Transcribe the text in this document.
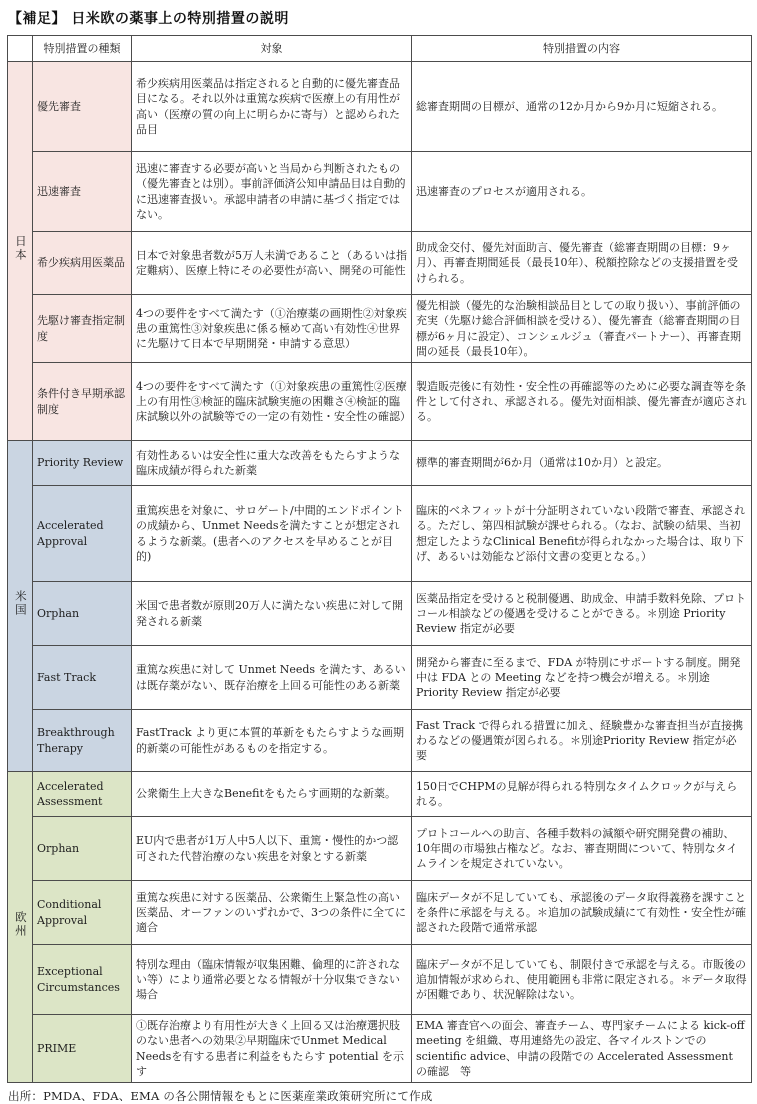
【補足】 日米欧の薬事上の特別措置の説明
	特別措置の種類	対象	特別措置の内容
日本	優先審査	希少疾病用医薬品は指定されると自動的に優先審査品目になる。それ以外は重篤な疾病で医療上の有用性が高い（医療の質の向上に明らかに寄与）と認められた品目	総審査期間の目標が、通常の12か月から9か月に短縮される。
	迅速審査	迅速に審査する必要が高いと当局から判断されたもの（優先審査とは別）。事前評価済公知申請品目は自動的に迅速審査扱い。承認申請者の申請に基づく指定ではない。	迅速審査のプロセスが適用される。
	希少疾病用医薬品	日本で対象患者数が5万人未満であること（あるいは指定難病）、医療上特にその必要性が高い、開発の可能性	助成金交付、優先対面助言、優先審査（総審査期間の目標：9ヶ月）、再審査期間延長（最長10年）、税額控除などの支援措置を受けられる。
	先駆け審査指定制度	4つの要件をすべて満たす（①治療薬の画期性②対象疾患の重篤性③対象疾患に係る極めて高い有効性④世界に先駆けて日本で早期開発・申請する意思）	優先相談（優先的な治験相談品目としての取り扱い）、事前評価の充実（先駆け総合評価相談を受ける）、優先審査（総審査期間の目標が6ヶ月に設定）、コンシェルジュ（審査パートナー）、再審査期間の延長（最長10年）。
	条件付き早期承認制度	4つの要件をすべて満たす（①対象疾患の重篤性②医療上の有用性③検証的臨床試験実施の困難さ④検証的臨床試験以外の試験等での一定の有効性・安全性の確認）	製造販売後に有効性・安全性の再確認等のために必要な調査等を条件として付され、承認される。優先対面相談、優先審査が適応される。
米国	Priority Review	有効性あるいは安全性に重大な改善をもたらすような臨床成績が得られた新薬	標準的審査期間が6か月（通常は10か月）と設定。
	Accelerated Approval	重篤疾患を対象に、サロゲート/中間的エンドポイントの成績から、Unmet Needsを満たすことが想定されるような新薬。(患者へのアクセスを早めることが目的)	臨床的ベネフィットが十分証明されていない段階で審査、承認される。ただし、第四相試験が課せられる。（なお、試験の結果、当初想定したようなClinical Benefitが得られなかった場合は、取り下げ、あるいは効能など添付文書の変更となる。）
	Orphan	米国で患者数が原則20万人に満たない疾患に対して開発される新薬	医薬品指定を受けると税制優遇、助成金、申請手数料免除、プロトコール相談などの優遇を受けることができる。＊別途 Priority Review 指定が必要
	Fast Track	重篤な疾患に対して Unmet Needs を満たす、あるいは既存薬がない、既存治療を上回る可能性のある新薬	開発から審査に至るまで、FDA が特別にサポートする制度。開発中は FDA との Meeting などを持つ機会が増える。＊別途 Priority Review 指定が必要
	Breakthrough Therapy	FastTrack より更に本質的革新をもたらすような画期的新薬の可能性があるものを指定する。	Fast Track で得られる措置に加え、経験豊かな審査担当が直接携わるなどの優遇策が図られる。＊別途Priority Review 指定が必要
欧州	Accelerated Assessment	公衆衛生上大きなBenefitをもたらす画期的な新薬。	150日でCHPMの見解が得られる特別なタイムクロックが与えられる。
	Orphan	EU内で患者が1万人中5人以下、重篤・慢性的かつ認可された代替治療のない疾患を対象とする新薬	プロトコールへの助言、各種手数料の減額や研究開発費の補助、10年間の市場独占権など。なお、審査期間について、特別なタイムラインを規定されていない。
	Conditional Approval	重篤な疾患に対する医薬品、公衆衛生上緊急性の高い医薬品、オーファンのいずれかで、3つの条件に全てに適合	臨床データが不足していても、承認後のデータ取得義務を課すことを条件に承認を与える。＊追加の試験成績にて有効性・安全性が確認された段階で通常承認
	Exceptional Circumstances	特別な理由（臨床情報が収集困難、倫理的に許されない等）により通常必要となる情報が十分収集できない場合	臨床データが不足していても、制限付きで承認を与える。市販後の追加情報が求められ、使用範囲も非常に限定される。＊データ取得が困難であり、状況解除はない。
	PRIME	①既存治療より有用性が大きく上回る又は治療選択肢のない患者への効果②早期臨床でUnmet Medical Needsを有する患者に利益をもたらす potential を示す	EMA 審査官への面会、審査チーム、専門家チームによる kick-off meeting を組織、専用連絡先の設定、各マイルストンでの scientific advice、申請の段階での Accelerated Assessment の確認　等

出所：PMDA、FDA、EMA の各公開情報をもとに医薬産業政策研究所にて作成
